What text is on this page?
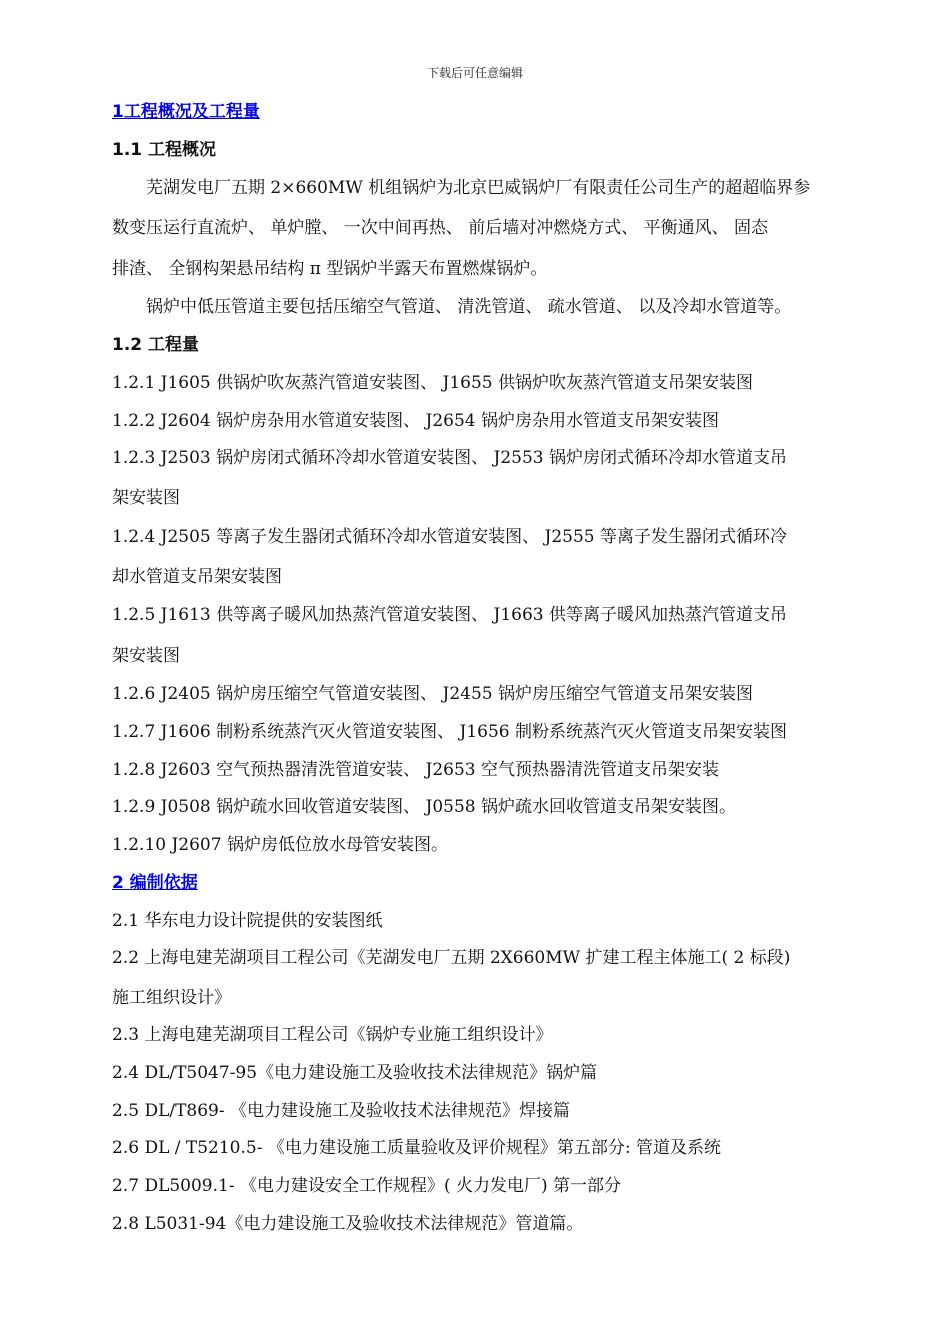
下载后可任意编辑
1工程概况及工程量
1.1 工程概况
芜湖发电厂五期 2×660MW 机组锅炉为北京巴威锅炉厂有限责任公司生产的超超临界参
数变压运行直流炉、 单炉膛、 一次中间再热、 前后墙对冲燃烧方式、 平衡通风、 固态
排渣、 全钢构架悬吊结构 π 型锅炉半露天布置燃煤锅炉。
锅炉中低压管道主要包括压缩空气管道、 清洗管道、 疏水管道、 以及冷却水管道等。
1.2 工程量
1.2.1 J1605 供锅炉吹灰蒸汽管道安装图、 J1655 供锅炉吹灰蒸汽管道支吊架安装图
1.2.2 J2604 锅炉房杂用水管道安装图、 J2654 锅炉房杂用水管道支吊架安装图
1.2.3 J2503 锅炉房闭式循环冷却水管道安装图、 J2553 锅炉房闭式循环冷却水管道支吊
架安装图
1.2.4 J2505 等离子发生器闭式循环冷却水管道安装图、 J2555 等离子发生器闭式循环冷
却水管道支吊架安装图
1.2.5 J1613 供等离子暖风加热蒸汽管道安装图、 J1663 供等离子暖风加热蒸汽管道支吊
架安装图
1.2.6 J2405 锅炉房压缩空气管道安装图、 J2455 锅炉房压缩空气管道支吊架安装图
1.2.7 J1606 制粉系统蒸汽灭火管道安装图、 J1656 制粉系统蒸汽灭火管道支吊架安装图
1.2.8 J2603 空气预热器清洗管道安装、 J2653 空气预热器清洗管道支吊架安装
1.2.9 J0508 锅炉疏水回收管道安装图、 J0558 锅炉疏水回收管道支吊架安装图。
1.2.10 J2607 锅炉房低位放水母管安装图。
2 编制依据
2.1 华东电力设计院提供的安装图纸
2.2 上海电建芜湖项目工程公司《芜湖发电厂五期 2X660MW 扩建工程主体施工( 2 标段)
施工组织设计》
2.3 上海电建芜湖项目工程公司《锅炉专业施工组织设计》
2.4 DL/T5047-95《电力建设施工及验收技术法律规范》锅炉篇
2.5 DL/T869- 《电力建设施工及验收技术法律规范》焊接篇
2.6 DL / T5210.5- 《电力建设施工质量验收及评价规程》第五部分: 管道及系统
2.7 DL5009.1- 《电力建设安全工作规程》( 火力发电厂) 第一部分
2.8 L5031-94《电力建设施工及验收技术法律规范》管道篇。
